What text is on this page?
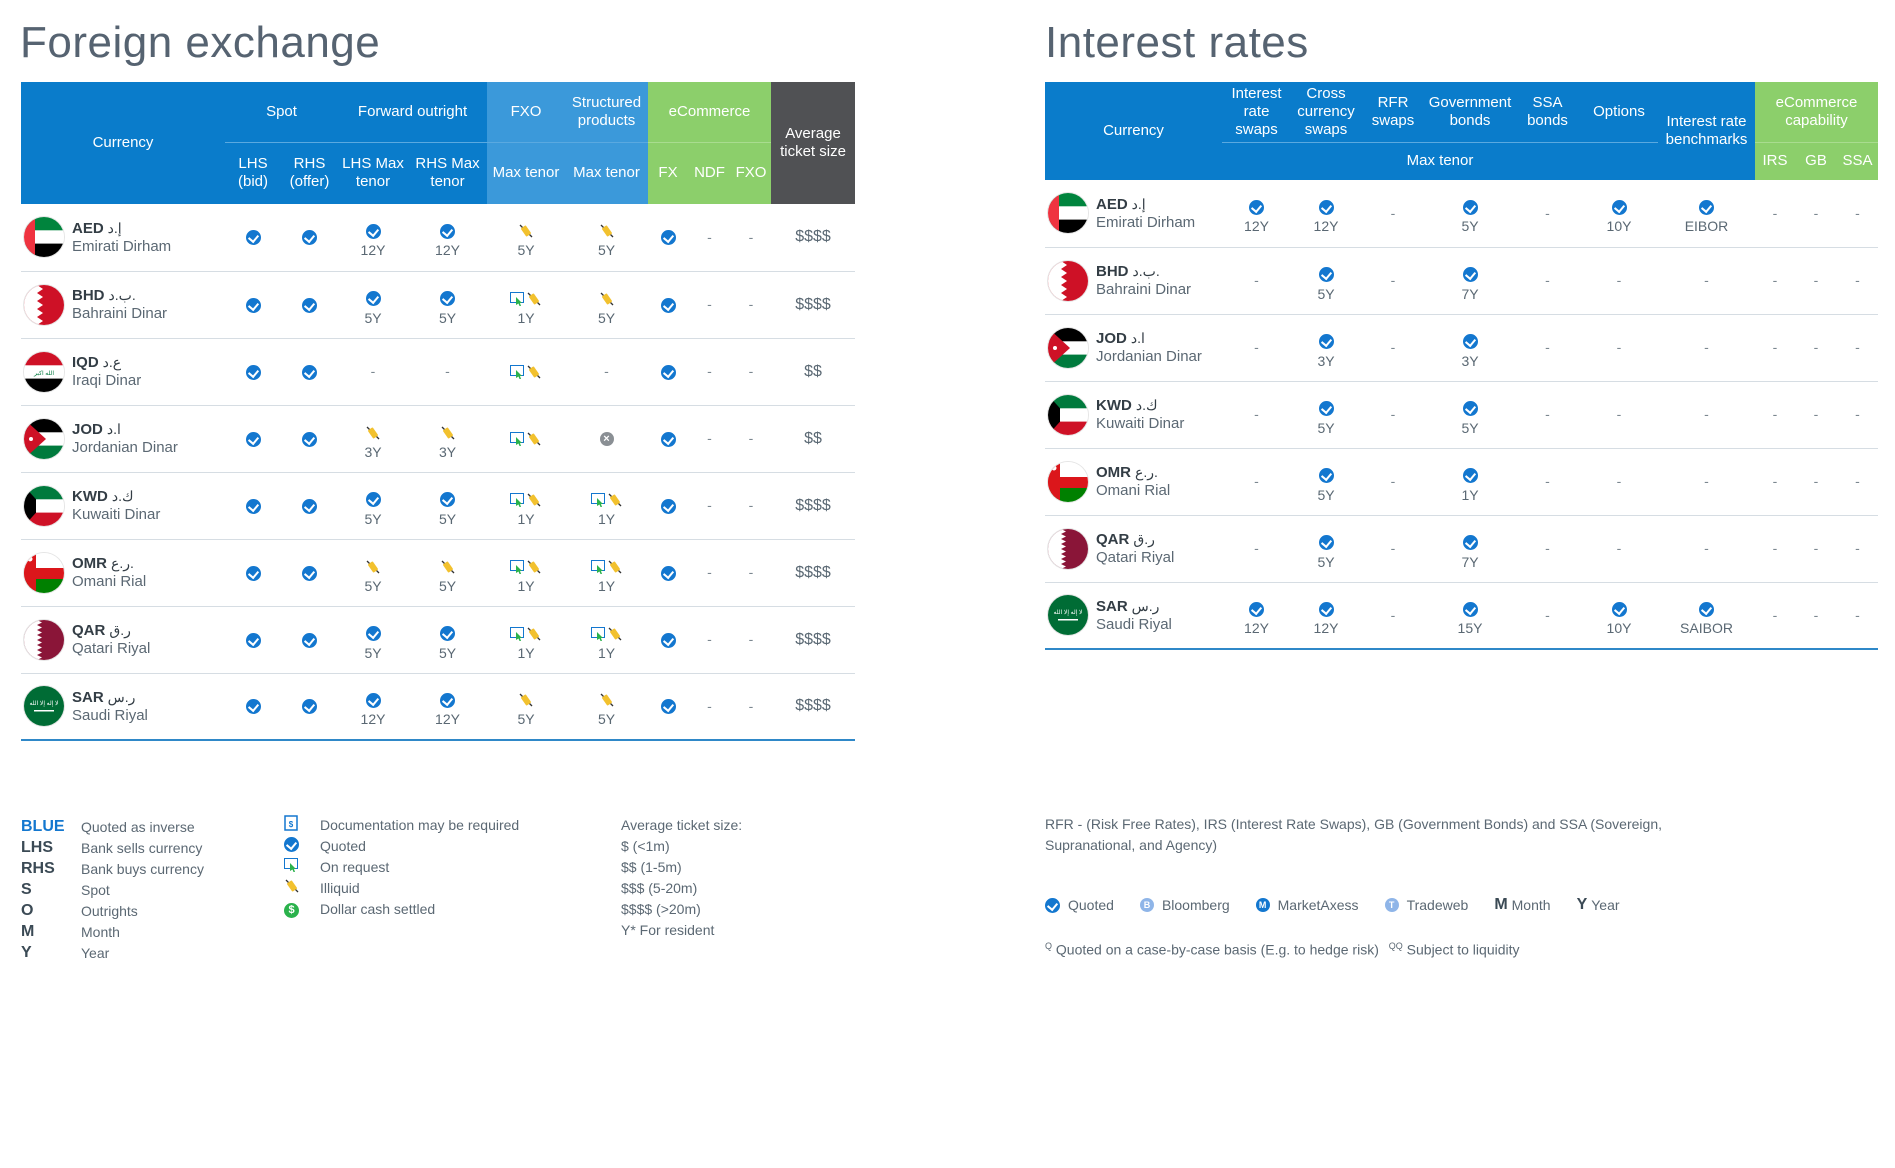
Foreign exchange	Interest rates
Currency	Spot		Forward outright		FXO	Structured products	eCommerce			Average ticket size
	LHS (bid)	RHS (offer)	LHS Max tenor	RHS Max tenor	Max tenor	Max tenor	FX	NDF	FXO	

AED إ.د
Emirati Dirham			12Y	12Y	5Y	5Y		-	-	$$$$

BHD ب.د.
Bahraini Dinar			5Y	5Y	1Y	5Y		-	-	$$$$

الله اكبر
IQD ع.د
Iraqi Dinar			-	-		-		-	-	$$

JOD ا.د
Jordanian Dinar			3Y	3Y		×		-	-	$$

KWD ك.د
Kuwaiti Dinar			5Y	5Y	1Y	1Y		-	-	$$$$

OMR ر.ع.
Omani Rial			5Y	5Y	1Y	1Y		-	-	$$$$

QAR ر.ق
Qatari Riyal			5Y	5Y	1Y	1Y		-	-	$$$$

لا إله إلا الله SAR ر.س
Saudi Riyal			12Y	12Y	5Y	5Y		-	-	$$$$
Currency	Interest rate swaps	Cross currency swaps	RFR swaps	Government bonds	SSA bonds	Options	Interest rate benchmarks	eCommerce capability		
	Max tenor							IRS	GB	SSA

AED إ.د
Emirati Dirham	12Y	12Y	-	5Y	-	10Y	EIBOR	-	-	-

BHD ب.د.
Bahraini Dinar	-	5Y	-	7Y	-	-	-	-	-	-

JOD ا.د
Jordanian Dinar	-	3Y	-	3Y	-	-	-	-	-	-

KWD ك.د
Kuwaiti Dinar	-	5Y	-	5Y	-	-	-	-	-	-

OMR ر.ع.
Omani Rial	-	5Y	-	1Y	-	-	-	-	-	-

QAR ر.ق
Qatari Riyal	-	5Y	-	7Y	-	-	-	-	-	-

لا إله إلا الله SAR ر.س
Saudi Riyal	12Y	12Y	-	15Y	-	10Y	SAIBOR	-	-	-
BLUE	Quoted as inverse
LHS	Bank sells currency
RHS	Bank buys currency
S	Spot
O	Outrights
M	Month
Y	Year
$ Documentation may be required
Quoted
On request
Illiquid
$	Dollar cash settled
Average ticket size:
$ (<1m)
$$ (1-5m)
$$$ (5-20m)
$$$$ (>20m)
Y* For resident
RFR - (Risk Free Rates), IRS (Interest Rate Swaps), GB (Government Bonds) and SSA (Sovereign, Supranational, and Agency)
Quoted	B Bloomberg	M MarketAxess	T Tradeweb M Month Y Year
$^Q$ Quoted on a case-by-case basis (E.g. to hedge risk) $^{QQ}$ Subject to liquidity
